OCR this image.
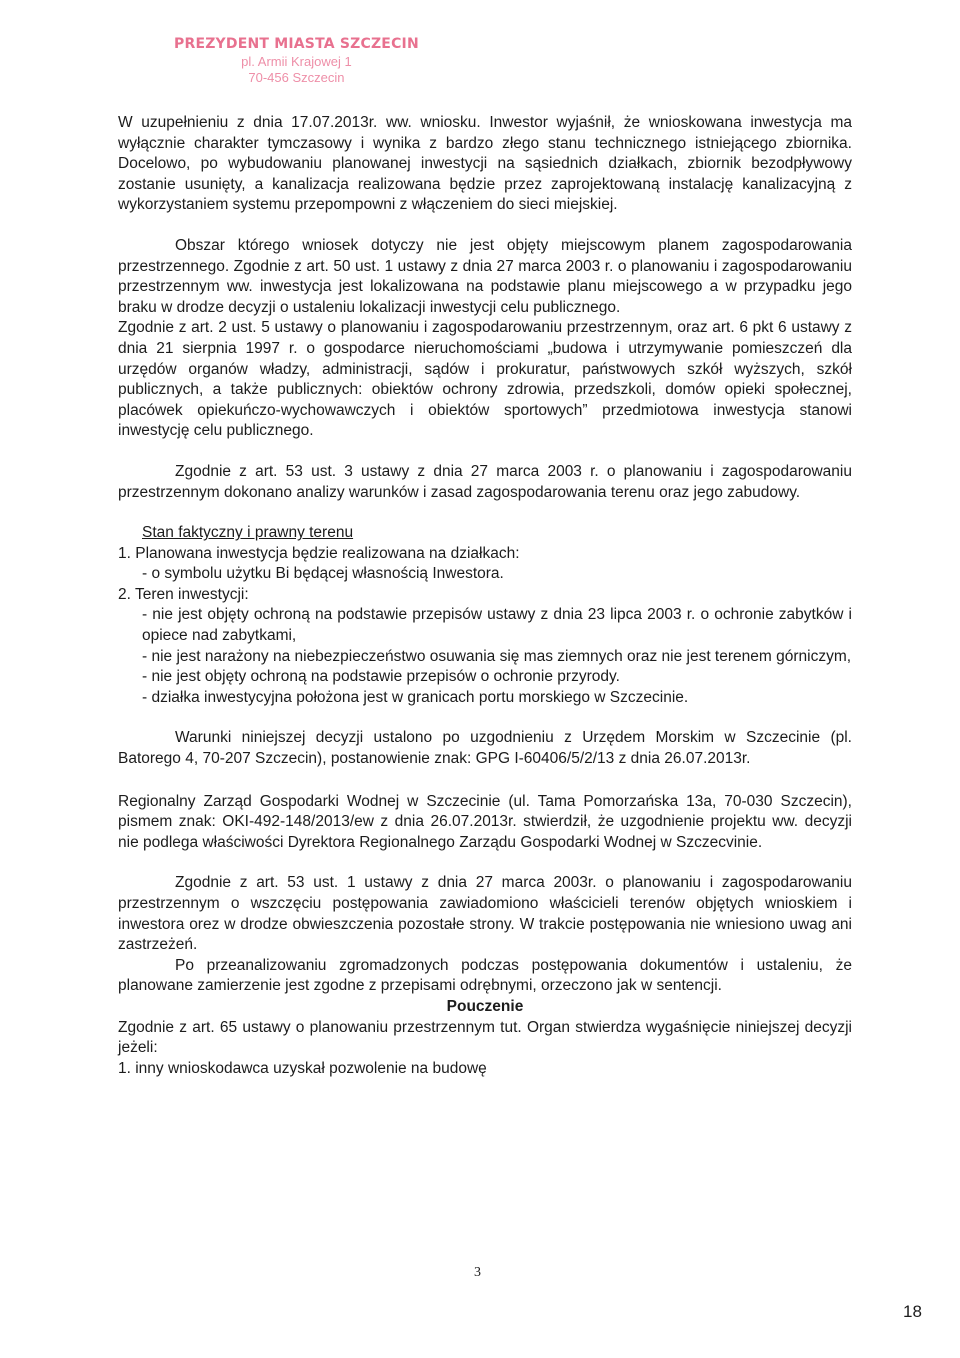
PREZYDENT MIASTA SZCZECIN
pl. Armii Krajowej 1
70-456 Szczecin

W uzupełnieniu z dnia 17.07.2013r. ww. wniosku. Inwestor wyjaśnił, że wnioskowana inwestycja ma wyłącznie charakter tymczasowy i wynika z bardzo złego stanu technicznego istniejącego zbiornika. Docelowo, po wybudowaniu planowanej inwestycji na sąsiednich działkach, zbiornik bezodpływowy zostanie usunięty, a kanalizacja realizowana będzie przez zaprojektowaną instalację kanalizacyjną z wykorzystaniem systemu przepompowni z włączeniem do sieci miejskiej.

Obszar którego wniosek dotyczy nie jest objęty miejscowym planem zagospodarowania przestrzennego. Zgodnie z art. 50 ust. 1 ustawy z dnia 27 marca 2003 r. o planowaniu i zagospodarowaniu przestrzennym ww. inwestycja jest lokalizowana na podstawie planu miejscowego a w przypadku jego braku w drodze decyzji o ustaleniu lokalizacji inwestycji celu publicznego.

Zgodnie z art. 2 ust. 5 ustawy o planowaniu i zagospodarowaniu przestrzennym, oraz art. 6 pkt 6 ustawy z dnia 21 sierpnia 1997 r. o gospodarce nieruchomościami „budowa i utrzymywanie pomieszczeń dla urzędów organów władzy, administracji, sądów i prokuratur, państwowych szkół wyższych, szkół publicznych, a także publicznych: obiektów ochrony zdrowia, przedszkoli, domów opieki społecznej, placówek opiekuńczo-wychowawczych i obiektów sportowych” przedmiotowa inwestycja stanowi inwestycję celu publicznego.

Zgodnie z art. 53 ust. 3 ustawy z dnia 27 marca 2003 r. o planowaniu i zagospodarowaniu przestrzennym dokonano analizy warunków i zasad zagospodarowania terenu oraz jego zabudowy.

Stan faktyczny i prawny terenu

1. Planowana inwestycja będzie realizowana na działkach:

- o symbolu użytku Bi będącej własnością Inwestora.

2. Teren inwestycji:

- nie jest objęty ochroną na podstawie przepisów ustawy z dnia 23 lipca 2003 r. o ochronie zabytków i opiece nad zabytkami,

- nie jest narażony na niebezpieczeństwo osuwania się mas ziemnych oraz nie jest terenem górniczym,

- nie jest objęty ochroną na podstawie przepisów o ochronie przyrody.

- działka inwestycyjna położona jest w granicach portu morskiego w Szczecinie.

Warunki niniejszej decyzji ustalono po uzgodnieniu z Urzędem Morskim w Szczecinie (pl. Batorego 4, 70-207 Szczecin), postanowienie znak: GPG I-60406/5/2/13 z dnia 26.07.2013r.

Regionalny Zarząd Gospodarki Wodnej w Szczecinie (ul. Tama Pomorzańska 13a, 70-030 Szczecin), pismem znak: OKI-492-148/2013/ew z dnia 26.07.2013r. stwierdził, że uzgodnienie projektu ww. decyzji nie podlega właściwości Dyrektora Regionalnego Zarządu Gospodarki Wodnej w Szczecvinie.

Zgodnie z art. 53 ust. 1 ustawy z dnia 27 marca 2003r. o planowaniu i zagospodarowaniu przestrzennym o wszczęciu postępowania zawiadomiono właścicieli terenów objętych wnioskiem i inwestora orez w drodze obwieszczenia pozostałe strony. W trakcie postępowania nie wniesiono uwag ani zastrzeżeń.

Po przeanalizowaniu zgromadzonych podczas postępowania dokumentów i ustaleniu, że planowane zamierzenie jest zgodne z przepisami odrębnymi, orzeczono jak w sentencji.

Pouczenie

Zgodnie z art. 65 ustawy o planowaniu przestrzennym tut. Organ stwierdza wygaśnięcie niniejszej decyzji jeżeli:

1. inny wnioskodawca uzyskał pozwolenie na budowę

3
18
